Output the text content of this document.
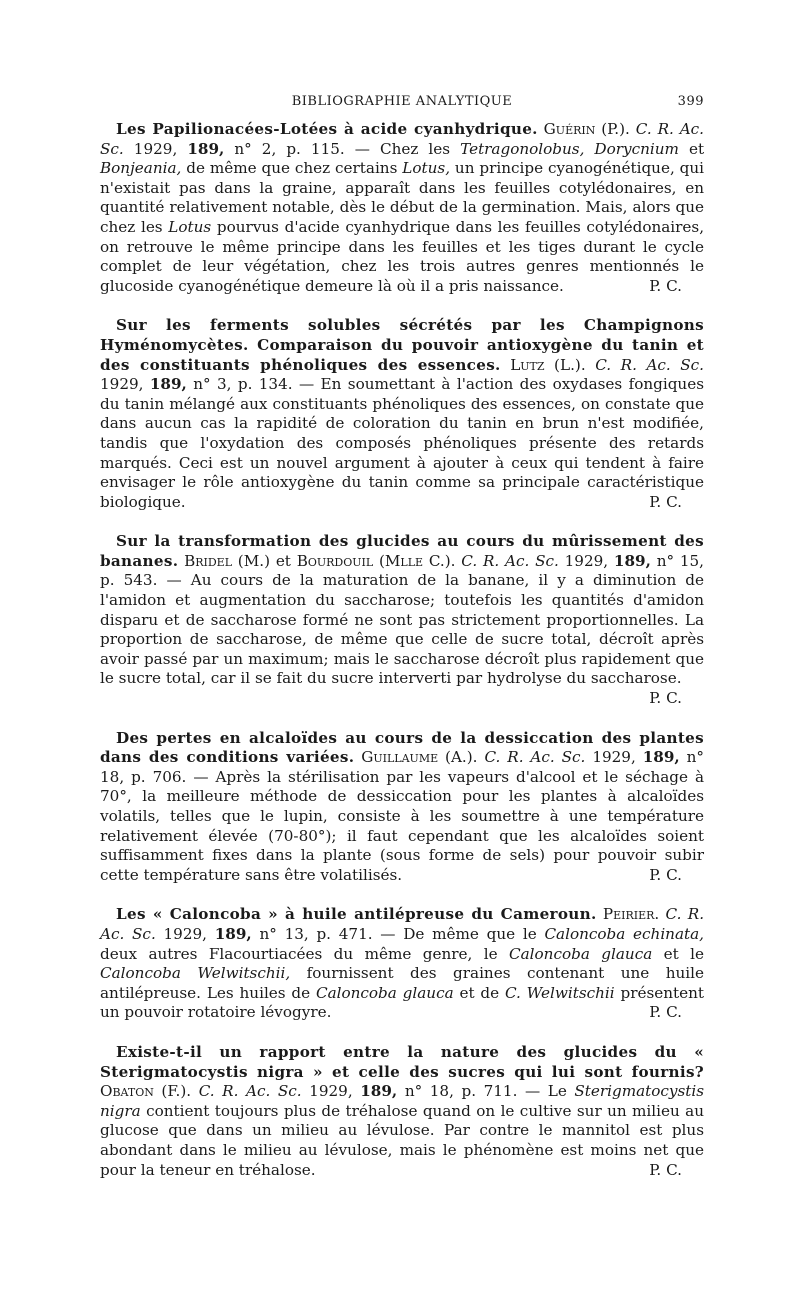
BIBLIOGRAPHIE ANALYTIQUE	399

Les Papilionacées-Lotées à acide cyanhydrique. Guérin (P.). C. R. Ac. Sc. 1929, 189, n° 2, p. 115. — Chez les Tetragonolobus, Dorycnium et Bonjeania, de même que chez certains Lotus, un principe cyanogénétique, qui n'existait pas dans la graine, apparaît dans les feuilles cotylédonaires, en quantité relativement notable, dès le début de la germination. Mais, alors que chez les Lotus pourvus d'acide cyanhydrique dans les feuilles cotylédonaires, on retrouve le même principe dans les feuilles et les tiges durant le cycle complet de leur végétation, chez les trois autres genres mentionnés le glucoside cyanogénétique demeure là où il a pris naissance.	P. C.

Sur les ferments solubles sécrétés par les Champignons Hyménomycètes. Comparaison du pouvoir antioxygène du tanin et des constituants phénoliques des essences. Lutz (L.). C. R. Ac. Sc. 1929, 189, n° 3, p. 134. — En soumettant à l'action des oxydases fongiques du tanin mélangé aux constituants phénoliques des essences, on constate que dans aucun cas la rapidité de coloration du tanin en brun n'est modifiée, tandis que l'oxydation des composés phénoliques présente des retards marqués. Ceci est un nouvel argument à ajouter à ceux qui tendent à faire envisager le rôle antioxygène du tanin comme sa principale caractéristique biologique.	P. C.

Sur la transformation des glucides au cours du mûrissement des bananes. Bridel (M.) et Bourdouil (Mlle C.). C. R. Ac. Sc. 1929, 189, n° 15, p. 543. — Au cours de la maturation de la banane, il y a diminution de l'amidon et augmentation du saccharose; toutefois les quantités d'amidon disparu et de saccharose formé ne sont pas strictement proportionnelles. La proportion de saccharose, de même que celle de sucre total, décroît après avoir passé par un maximum; mais le saccharose décroît plus rapidement que le sucre total, car il se fait du sucre interverti par hydrolyse du saccharose.
P. C.

Des pertes en alcaloïdes au cours de la dessiccation des plantes dans des conditions variées. Guillaume (A.). C. R. Ac. Sc. 1929, 189, n° 18, p. 706. — Après la stérilisation par les vapeurs d'alcool et le séchage à 70°, la meilleure méthode de dessiccation pour les plantes à alcaloïdes volatils, telles que le lupin, consiste à les soumettre à une température relativement élevée (70-80°); il faut cependant que les alcaloïdes soient suffisamment fixes dans la plante (sous forme de sels) pour pouvoir subir cette température sans être volatilisés.	P. C.

Les « Caloncoba » à huile antilépreuse du Cameroun. Peirier. C. R. Ac. Sc. 1929, 189, n° 13, p. 471. — De même que le Caloncoba echinata, deux autres Flacourtiacées du même genre, le Caloncoba glauca et le Caloncoba Welwitschii, fournissent des graines contenant une huile antilépreuse. Les huiles de Caloncoba glauca et de C. Welwitschii présentent un pouvoir rotatoire lévogyre.	P. C.

Existe-t-il un rapport entre la nature des glucides du « Sterigmatocystis nigra » et celle des sucres qui lui sont fournis? Obaton (F.). C. R. Ac. Sc. 1929, 189, n° 18, p. 711. — Le Sterigmatocystis nigra contient toujours plus de tréhalose quand on le cultive sur un milieu au glucose que dans un milieu au lévulose. Par contre le mannitol est plus abondant dans le milieu au lévulose, mais le phénomène est moins net que pour la teneur en tréhalose.	P. C.
